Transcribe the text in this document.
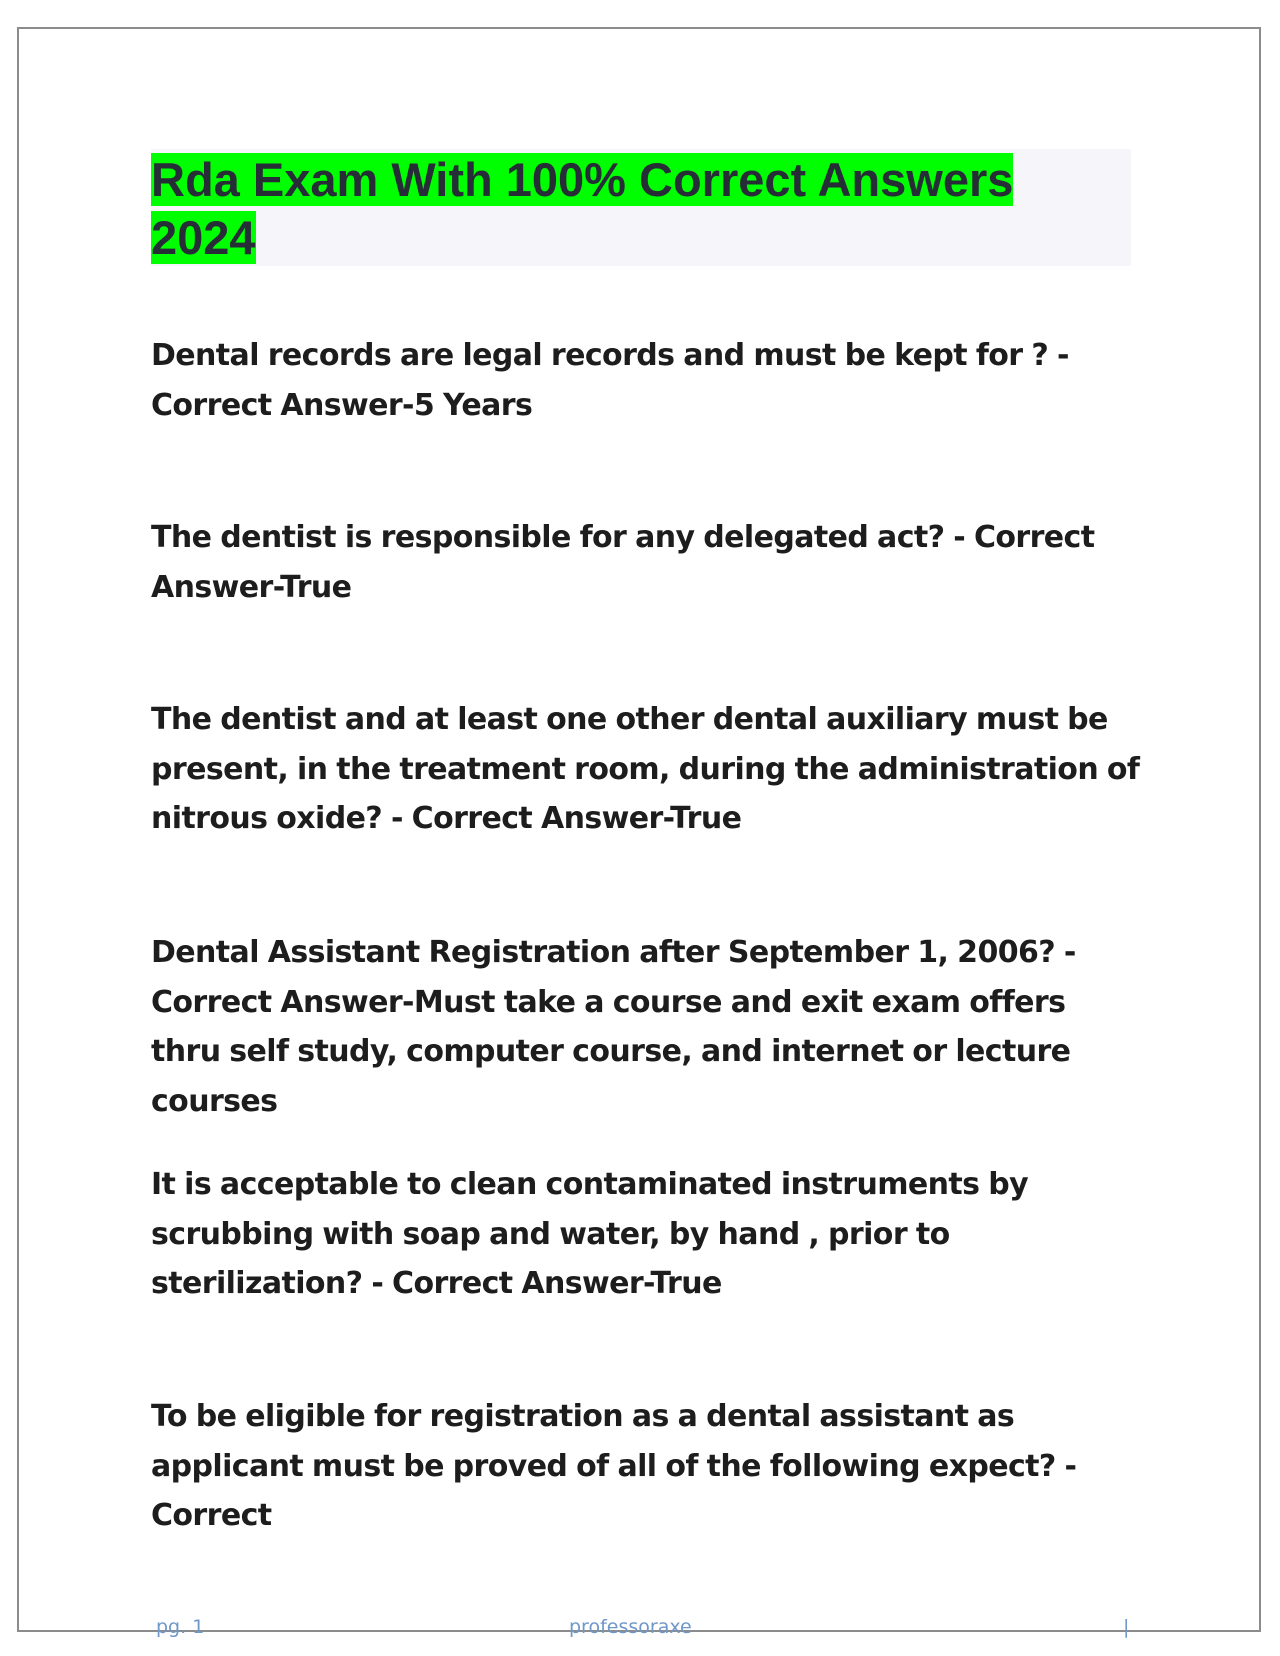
Rda Exam With 100% Correct Answers
2024

Dental records are legal records and must be kept for ? - Correct Answer-5 Years

The dentist is responsible for any delegated act? - Correct Answer-True

The dentist and at least one other dental auxiliary must be present, in the treatment room, during the administration of nitrous oxide? - Correct Answer-True

Dental Assistant Registration after September 1, 2006? - Correct Answer-Must take a course and exit exam offers thru self study, computer course, and internet or lecture courses

It is acceptable to clean contaminated instruments by scrubbing with soap and water, by hand , prior to sterilization? - Correct Answer-True

To be eligible for registration as a dental assistant as applicant must be proved of all of the following expect? - Correct

pg. 1	professoraxe	|
